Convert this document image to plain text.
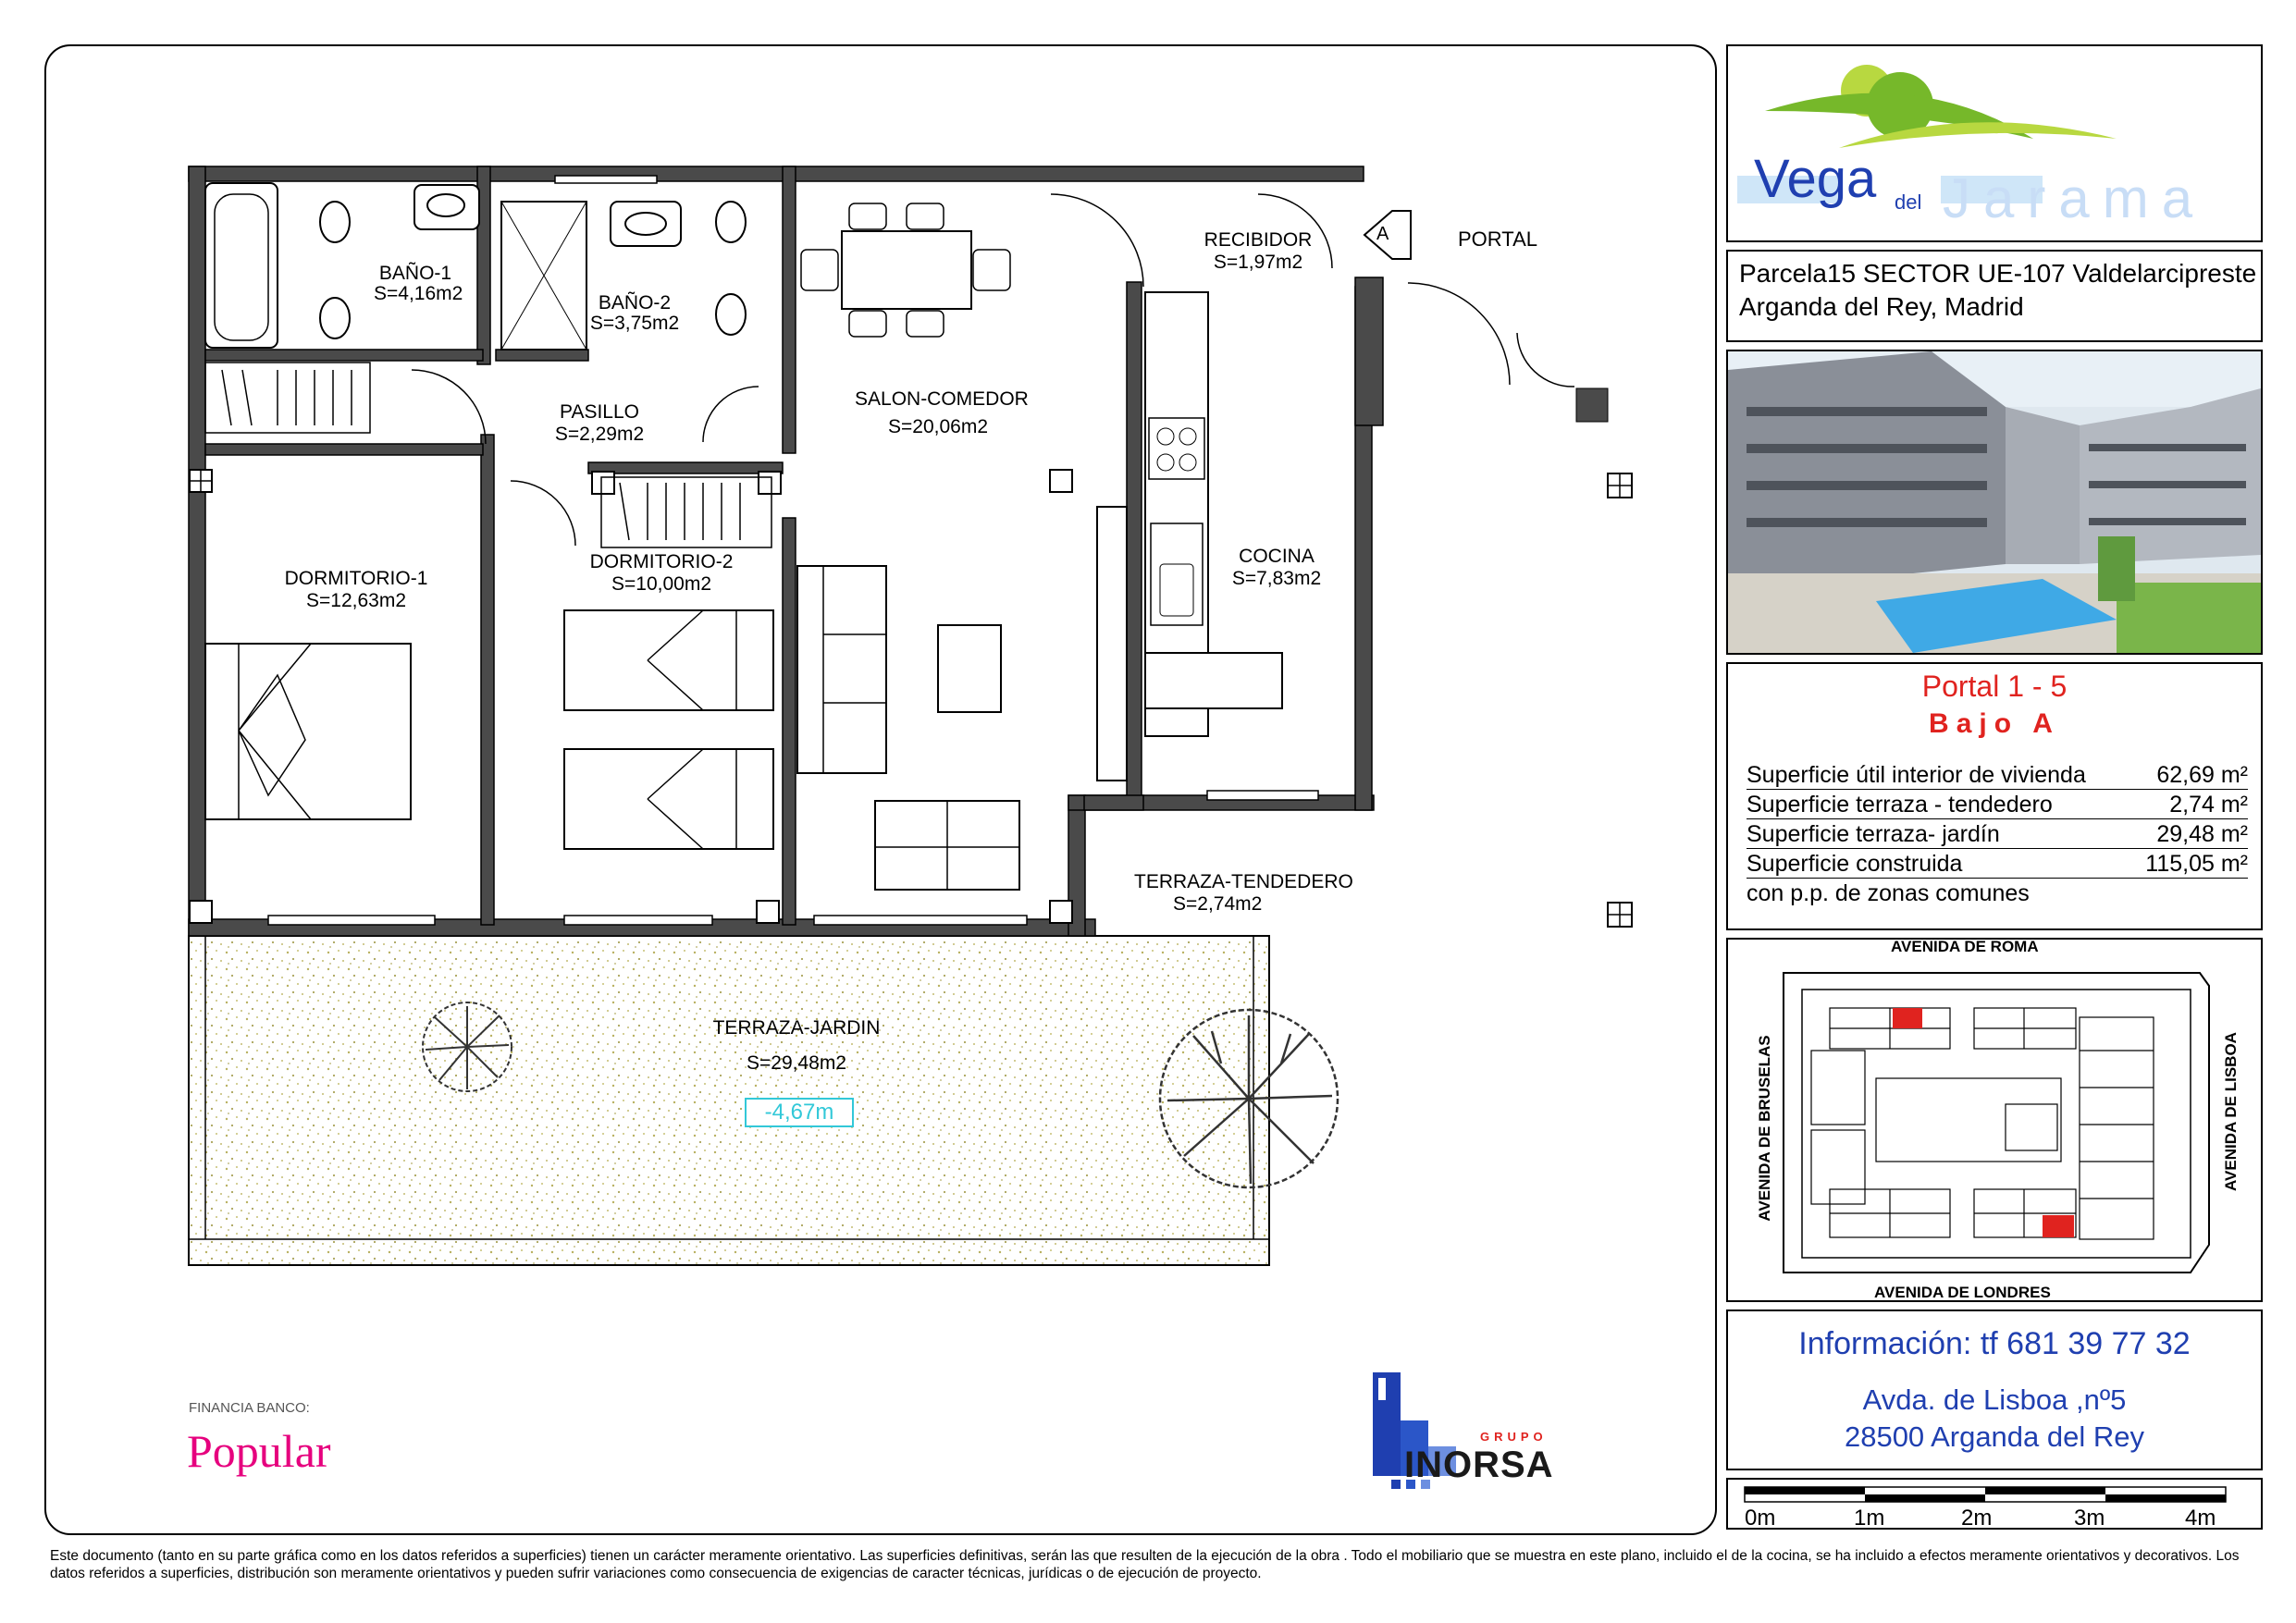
BAÑO-1
S=4,16m2	BAÑO-2
S=3,75m2
PASILLO
S=2,29m2
SALON-COMEDOR
S=20,06m2
RECIBIDOR
S=1,97m2
DORMITORIO-1
S=12,63m2
DORMITORIO-2
S=10,00m2
COCINA
S=7,83m2
TERRAZA-TENDEDERO
S=2,74m2
TERRAZA-JARDIN
S=29,48m2
-4,67m
PORTAL
A
FINANCIA BANCO:
Popular	GRUPO
INORSA
Vega del Jarama
Parcela15 SECTOR UE-107 Valdelarcipreste
Arganda del Rey, Madrid
Portal 1 - 5
Bajo A
Superficie útil interior de vivienda	62,69 m²
Superficie terraza - tendedero	2,74 m²
Superficie terraza- jardín	29,48 m²
Superficie construida	115,05 m²
con p.p. de zonas comunes
AVENIDA DE ROMA
AVENIDA DE LONDRES
AVENIDA DE BRUSELAS	AVENIDA DE LISBOA
Información: tf 681 39 77 32
Avda. de Lisboa ,nº5
28500 Arganda del Rey
0m	1m	2m	3m	4m
Este documento (tanto en su parte gráfica como en los datos referidos a superficies) tienen un carácter meramente orientativo. Las superficies definitivas, serán las que resulten de la ejecución de la obra . Todo el mobiliario que se muestra en este plano, incluido el de la cocina, se ha incluido a efectos meramente orientativos y decorativos. Los datos referidos a superficies, distribución son meramente orientativos y pueden sufrir variaciones como consecuencia de exigencias de caracter técnicas, jurídicas o de ejecución de proyecto.
